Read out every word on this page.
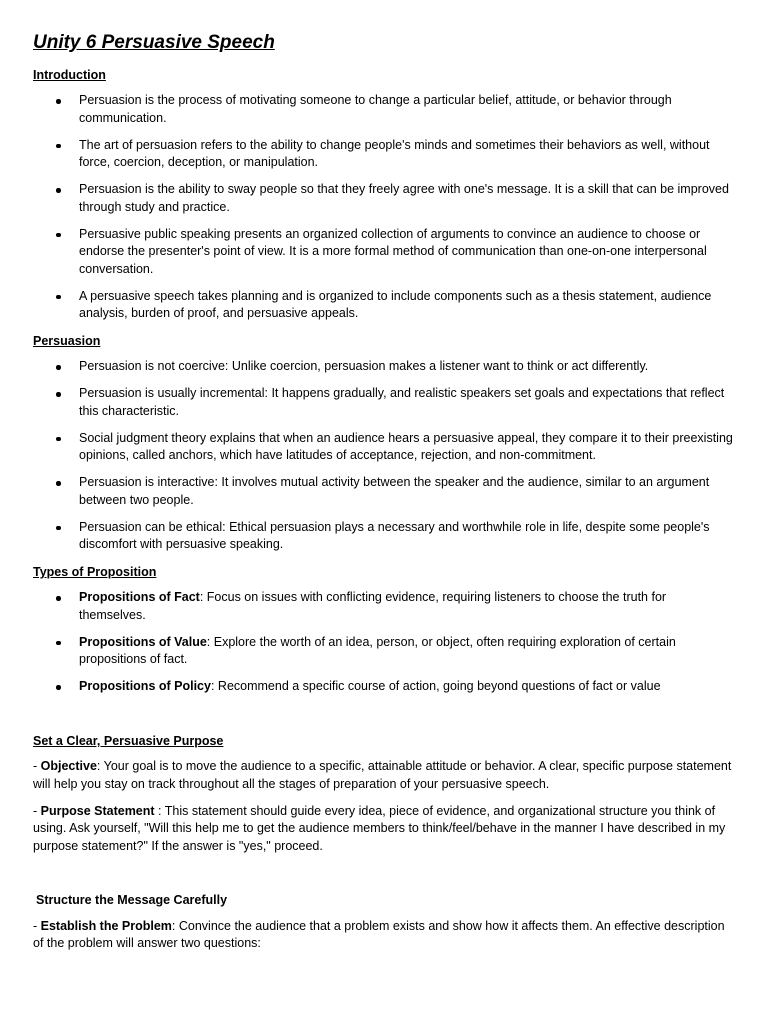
Unity 6 Persuasive Speech
Introduction
Persuasion is the process of motivating someone to change a particular belief, attitude, or behavior through communication.
The art of persuasion refers to the ability to change people's minds and sometimes their behaviors as well, without force, coercion, deception, or manipulation.
Persuasion is the ability to sway people so that they freely agree with one's message. It is a skill that can be improved through study and practice.
Persuasive public speaking presents an organized collection of arguments to convince an audience to choose or endorse the presenter's point of view. It is a more formal method of communication than one-on-one interpersonal conversation.
A persuasive speech takes planning and is organized to include components such as a thesis statement, audience analysis, burden of proof, and persuasive appeals.
Persuasion
Persuasion is not coercive: Unlike coercion, persuasion makes a listener want to think or act differently.
Persuasion is usually incremental: It happens gradually, and realistic speakers set goals and expectations that reflect this characteristic.
Social judgment theory explains that when an audience hears a persuasive appeal, they compare it to their preexisting opinions, called anchors, which have latitudes of acceptance, rejection, and non-commitment.
Persuasion is interactive: It involves mutual activity between the speaker and the audience, similar to an argument between two people.
Persuasion can be ethical: Ethical persuasion plays a necessary and worthwhile role in life, despite some people's discomfort with persuasive speaking.
Types of Proposition
Propositions of Fact: Focus on issues with conflicting evidence, requiring listeners to choose the truth for themselves.
Propositions of Value: Explore the worth of an idea, person, or object, often requiring exploration of certain propositions of fact.
Propositions of Policy: Recommend a specific course of action, going beyond questions of fact or value
Set a Clear, Persuasive Purpose

- Objective: Your goal is to move the audience to a specific, attainable attitude or behavior. A clear, specific purpose statement will help you stay on track throughout all the stages of preparation of your persuasive speech.

- Purpose Statement : This statement should guide every idea, piece of evidence, and organizational structure you think of using. Ask yourself, "Will this help me to get the audience members to think/feel/behave in the manner I have described in my purpose statement?" If the answer is "yes," proceed.

Structure the Message Carefully

- Establish the Problem: Convince the audience that a problem exists and show how it affects them. An effective description of the problem will answer two questions:
